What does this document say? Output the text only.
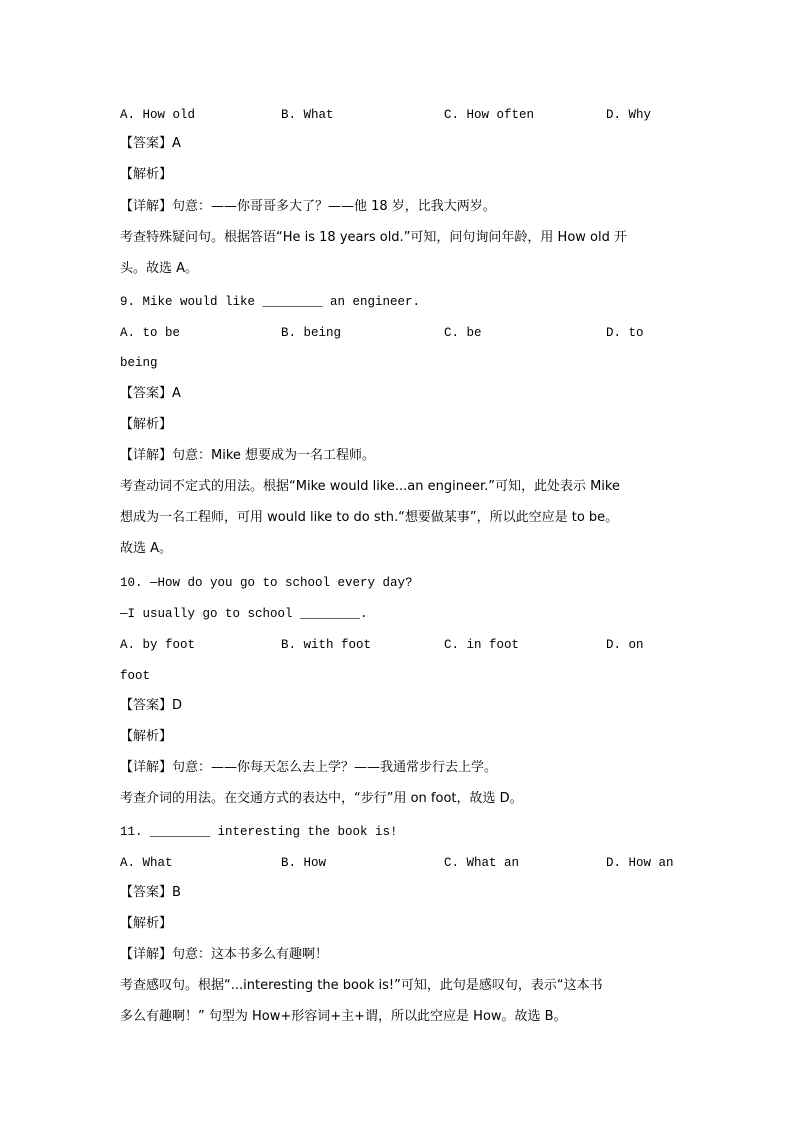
A. How old	B. What	C. How often	D. Why
【答案】A
【解析】
【详解】句意：——你哥哥多大了？——他 18 岁，比我大两岁。
考查特殊疑问句。根据答语“He is 18 years old.”可知，问句询问年龄，用 How old 开
头。故选 A。
9. Mike would like ________ an engineer.
A. to be	B. being	C. be	D. to
being
【答案】A
【解析】
【详解】句意：Mike 想要成为一名工程师。
考查动词不定式的用法。根据“Mike would like...an engineer.”可知，此处表示 Mike
想成为一名工程师，可用 would like to do sth.“想要做某事”，所以此空应是 to be。
故选 A。
10. —How do you go to school every day?
—I usually go to school ________.
A. by foot	B. with foot	C. in foot	D. on
foot
【答案】D
【解析】
【详解】句意：——你每天怎么去上学？——我通常步行去上学。
考查介词的用法。在交通方式的表达中，“步行”用 on foot，故选 D。
11. ________ interesting the book is!
A. What	B. How	C. What an	D. How an
【答案】B
【解析】
【详解】句意：这本书多么有趣啊！
考查感叹句。根据“...interesting the book is!”可知，此句是感叹句，表示“这本书
多么有趣啊！” 句型为 How+形容词+主+谓，所以此空应是 How。故选 B。
